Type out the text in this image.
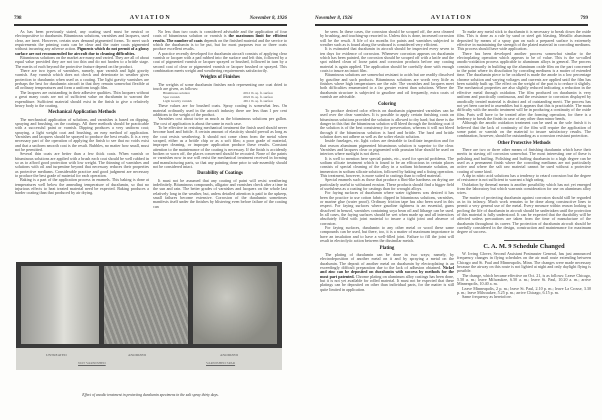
798	AVIATION	November 8, 1926

As has been previously stated, any coating used must be neutral or electropositive to duralumin. Bituminous solutions, varnishes and lacquers, used clear, are inert. However, certain uses demand pigmented forms. To meet such requirements the priming coats can be clear and the outer coats pigmented without incurring any adverse action. Pigments which do not permit of a glossy surface are not recommended for aircraft due to cleaning difficulties.

Bituminous solutions on the market are many and varied. They are all of about equal value provided they are not too thin and do not harden to a brittle stage. The merits of each beyond the protective feature depend on the product.

There are two types of varnishes, namely, spar varnish and light gravity varnish. Any varnish which does not check and deteriorate in weather gives protection to duralumin when used as a coating. The light gravity varnishes are perhaps the best for duralumin aircraft in that they remain somewhat flexible at all ordinary temperatures and form a uniform tough film.

The lacquers are outstanding in their adhesive qualities. Thin lacquers without a great many coats are not of sufficient value on duralumin to warrant the expenditure. Sufficient material should exist in the finish to give a relatively heavy body to the coating.

Mechanical Application Methods

The mechanical application of solutions, and varnishes is based on dipping, spraying and brushing, on the coatings. All three methods should be practicable with a successful paint or varnish. Dipping produces a very uniform coat; spraying, a light weight coat and brushing, an easy method of application. Varnishes and lacquers should be sprayed to produce the best results. It is a very necessary part of the operation of applying the finish to see that no voids exist and that a uniform smooth coat is the result. Bubbles, no matter how small, must not be permitted.

Several thin coats are better than a few thick coats. When varnish or bituminous solutions are applied with a brush each coat should be well rubbed in so as to afford good protection with low weight. The thinning of varnishes and solutions with oil and turpentine beyond that necessary reduces their properties as protective mediums. Considerable practice and good judgment are necessary to produce the best grade of material for each operation.

Baking is a part of the application process in enamels. This baking is done at temperatures well below the annealing temperature of duralumin, so that no injurious effects to heat treated material need be expected. Baking produces a harder coating than that produced by air drying.

No less than two coats is considered advisable and the application of four coats of bituminous solution or varnish is the maximum limit for efficient results. The number of coats depends on the finished material and the service to which the duralumin is to be put, but for most purposes two or three coats produce excellent results.

A practice recently developed for duralumin aircraft consists of applying clear varnish or lacquer with a pad rubbed into the surface and left thin, followed by a coat of pigmented varnish or lacquer sprayed or brushed, followed in turn by a second coat of clear or pigmented varnish or lacquer brushed or sprayed. This combination meets weight and weathering requirements satisfactorily.

Weights of Finishes

The weights of some duralumin finishes each representing one coat dried to touch are given, as follows:

Bituminous solution	.0012 lb. sq. ft. surface
Spar varnish	.0022 lb. sq. ft. surface
Light Gravity varnish	.0011 lb. sq. ft. surface

These values are for brushed coats. Spray coating is somewhat less. On material ordinarily used in the aircraft industry there are less than 1 per cent additions to the weight of the product.

Varnishes cost about twice as much as the bituminous solutions per gallon. The cost of application is about the same in each case.

To be effective in resisting mechanical treatment the finish used should never become hard and brittle. A certain amount of elasticity should prevail as long as the coat resists weathering. It should not come clean from the metal when scraped, either as a brittle chip or as a soft film; a poor grade of material, improper cleaning, or improper application produce these results. Constant attention to the maintenance of the coating is necessary. If the finish is accidently broken or worn off, the places concerned should be recoated. None of the paints or varnishes now in use will resist the mechanical treatment received in forming and manufacturing parts, so that any painting done prior to sub-assembly should not be considered intact.

Durability of Coatings

It must not be assumed that any coating of paint will resist weathering indefinitely. Bituminous compounds, alligator and varnishes check after a time in the sun and rain. The better grades of varnishes and lacquers on the whole last relatively long in the weather, but, unless detailed attention is paid to the upkeep, small failures become extensive. Corrosion of the duralumin sometimes manifests itself under the finishes by blistering even before failure of the coating can

UNTREATED	ANODIZED	ANODIZED
NOT VARNISHED	VARNISHED SPAR
Effect of anodic treatment in protecting duralumin specimens in the salt spray thirty days.
November 8, 1926	AVIATION	799

be seen. In these cases, the corrosion should be scraped off, the area cleaned by brushing, and touching-up resorted to. Unless this is done, increased corrosion will be the result. A life of six months for paints and varnishes subjected to weather such as is found along the seaboard is considered very efficient.

It is estimated that duralumin in aircraft should be inspected every seven to ten days for evidence of corrosion. Whenever corrosion appears on duralumin which has been painted, the corrosion should be scraped off with a knife and the spot rubbed clean of loose paint and corrosion products before any coating material is again applied. The application should be carefully done with enough coats to insure an intact film.

Bituminous solutions are somewhat resistant to acids but are readily dissolved by gasoline and such products. Bituminous solutions are worth very little as finishes where high temperatures are the rule. The varnishes and lacquers meet both difficulties enumerated to a far greater extent than solutions. Where the duralumin structure is subjected to gasoline and oil frequently, extra coats of varnish are advisable.

Coloring

To produce desired color effects on duralumin pigmented varnishes can be used over the clear varnishes. It is possible to apply certain finishing coats on bituminous solutions provided the solution is allowed to dry hard; but there is the danger in this that the bituminous solution will bleed through the finishing coat if the solution is of the best consistency for preservation, whereas it will not bleed through if the bituminous solution is hard and brittle. The hard and brittle solution does not adhere as well as the softer elastic solution.

Inside fuselages, etc. light colors are desirable to facilitate inspection and for that reason aluminum pigmented bituminous solution is superior to the clear. Varnishes and lacquers clear or pigmented with prussian blue should be used on interiors where sunlight is not direct.

It is well to mention here special paints, etc., used for special problems. The sodium silicate treatment which is found to be an efficacious in certain places consists of special cleaning of the alloy in a sodium bichromate solution, an immersion in sodium silicate solution, followed by baking and a fixing operation. This treatment, however, is more suited to castings than to rolled material.

Special enamels such as those that produce a flint-like hardness on drying are particularly useful to withstand erosion. These products should find a bigger field of usefulness as a coating for castings than for wrought alloys.

For faying surfaces of duralumin where water tightness was desired it has been the practice to use cotton fabric dipped in bituminous solutions, varnishes, or marine glue (water proof). Ordinary friction tape has also been used in this respect. For faying surfaces where gasoline tightness is an essential, gums dissolved in benzol, varnishes containing soya bean oil and litharge can be used. In all cases, the faying surfaces should be wet when made up and all interstices absolutely filled with joint material to insure a tight joint and absence of corrosion.

For faying surfaces, duralumin to any other metal or wood these same compounds can be used, but there, too, it is a matter of maximum importance to have an insulation and to have a well-filled joint. Failure to fill the joint will result in electrolytic action between the dissimilar metals.

Plating

The plating of duralumin can be done in two ways; namely, by electrodeposition of another metal on it and by spraying a metal on the duralumin. The deposit of another metal on duralumin by electroplating is an exceedingly difficult preparation due to the lack of adhesion obtained. Nickel and zinc can be deposited on duralumin with success by methods for the most part patented. Chrome plating on aluminum alloy castings has been done, but it is not yet available for rolled material. It must not be expected that these platings can be deposited on other than individual parts, for the matter is still quite limited in application.

To make any metal stick to duralumin it is necessary to break down the oxide film. This is done as a rule by sand or steel grit blasting. Metallic aluminum deposited by means of a spray gun on such a prepared surface is extremely effective in maintaining the strength of the plated material in corroding mediums. This process should have wide application.

There has been developed another process somewhat similar to the electroplating operation which appears to be of value. This is the so-called anodic-oxidation process applicable to aluminum alloys in general. The process consists primarily in building up the aluminum oxide film on the part concerned to the point where its dissolution by corroding mediums is a matter of extended time. The duralumin piece to be oxidized is made the anode in a low percentage chrome solution and varying voltages and currents are applied until the film has been suitably built up. The effect on the weight of the part is to reduce it slightly. The mechanical properties are also slightly reduced indicating a reduction in the effective metal through oxidation. The film produced on duralumin is very uniform and practically continuous, and the resistance to corrosion displayed by anodically treated material is distinct and of outstanding merit. The process has not yet been carried to assemblies but it appears that this is practicable. The main difficulty with the anodic treatment will be in producing a continuity of the oxide film. Parts will have to be treated after the forming operation, for there is a tendency to break the finish in case of any other than minor bends.

Although the anodic oxidation treatment can be used as the sole finish it is believed that the lack of continuity of the film will require the application of some paint or varnish on the material to insure satisfactory results. The combination, however, should be outstanding as a corrosion resistant protection.

Other Protective Methods

There are two or three other means of finishing duralumin which have their merits in staving off corrosion somewhat. The most interesting one of these is polishing and buffing. Polishing and buffing duralumin to a high degree can be used as a permanent finish where the corroding mediums are not particularly active and where the salt raw material cannot be used without a protective coating of some kind.

A dip in nitric acid solutions has a tendency to retard corrosion but the degree of resistance is not sufficient to warrant a high rating.

Oxidation by thermal means is another possibility which has not yet emerged from the laboratory but which warrants consideration for use on aluminum alloy wires.

The matter of protecting duralumin against corrosion should still be regarded as in its infancy. Much work remains to be done along constructive lines to permit a very general use of the metal. Every measure within reason looking to prolong the life of duralumin in aircraft should be undertaken until the protection of this material is fully understood. It can be expected that the durability will be affected unless precautions are taken from the time of manufacture of the duralumin throughout its career. The protection of duralumin aircraft should be carefully considered in the design, construction and maintenance for maximum degree of success.

C. A. M. 9 Schedule Changed

W. Irving Glover, Second Assistant Postmaster General, has just announced frequency changes in flying schedules on the air mail route extending between Chicago and St. Paul and Minneapolis, Minn. The changes were made necessary because the airway on this route is not lighted at night and only daylight flying is possible.

The change, which became effective on Oct. 21, is as follows: Leave Chicago, 5.50 a. m.; leave Milwaukee, 6.50 a. m.; leave St. Paul, 10.20 a. m.; arrive Minneapolis, 10.40 a. m.

Leave Minneapolis, 2 p. m.; leave St. Paul, 2.10 p. m.; leave La Crosse, 3.30 p. m.; leave Milwaukee, 5.25 p. m.; arrive Chicago, 6.15 p. m.

Same frequency as heretofore.
